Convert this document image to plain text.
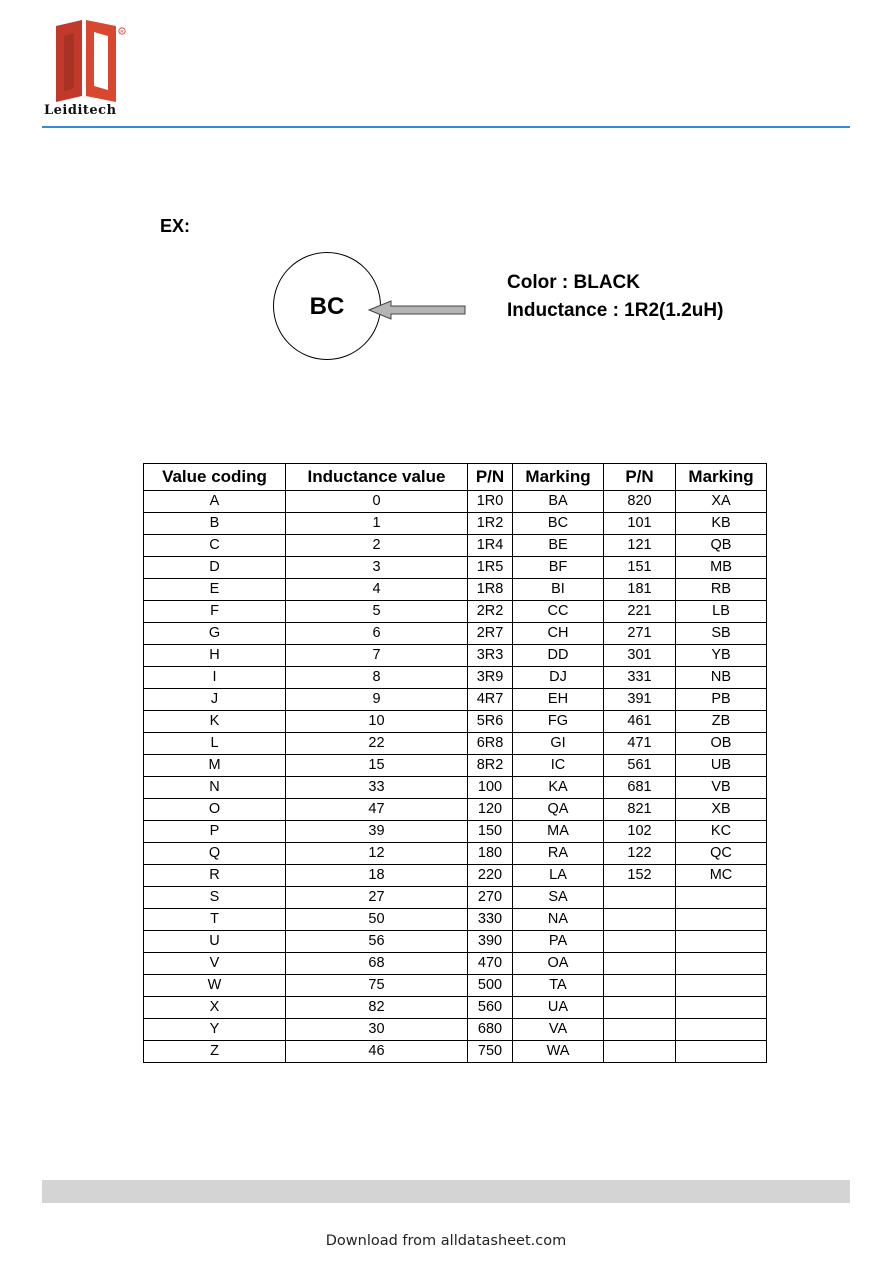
R
Leiditech
EX:
BC
Color : BLACK
Inductance : 1R2(1.2uH)
Value coding	Inductance value	P/N	Marking	P/N	Marking
A	0	1R0	BA	820	XA
B	1	1R2	BC	101	KB
C	2	1R4	BE	121	QB
D	3	1R5	BF	151	MB
E	4	1R8	BI	181	RB
F	5	2R2	CC	221	LB
G	6	2R7	CH	271	SB
H	7	3R3	DD	301	YB
I	8	3R9	DJ	331	NB
J	9	4R7	EH	391	PB
K	10	5R6	FG	461	ZB
L	22	6R8	GI	471	OB
M	15	8R2	IC	561	UB
N	33	100	KA	681	VB
O	47	120	QA	821	XB
P	39	150	MA	102	KC
Q	12	180	RA	122	QC
R	18	220	LA	152	MC
S	27	270	SA		
T	50	330	NA		
U	56	390	PA		
V	68	470	OA		
W	75	500	TA		
X	82	560	UA		
Y	30	680	VA		
Z	46	750	WA		
Download from alldatasheet.com
